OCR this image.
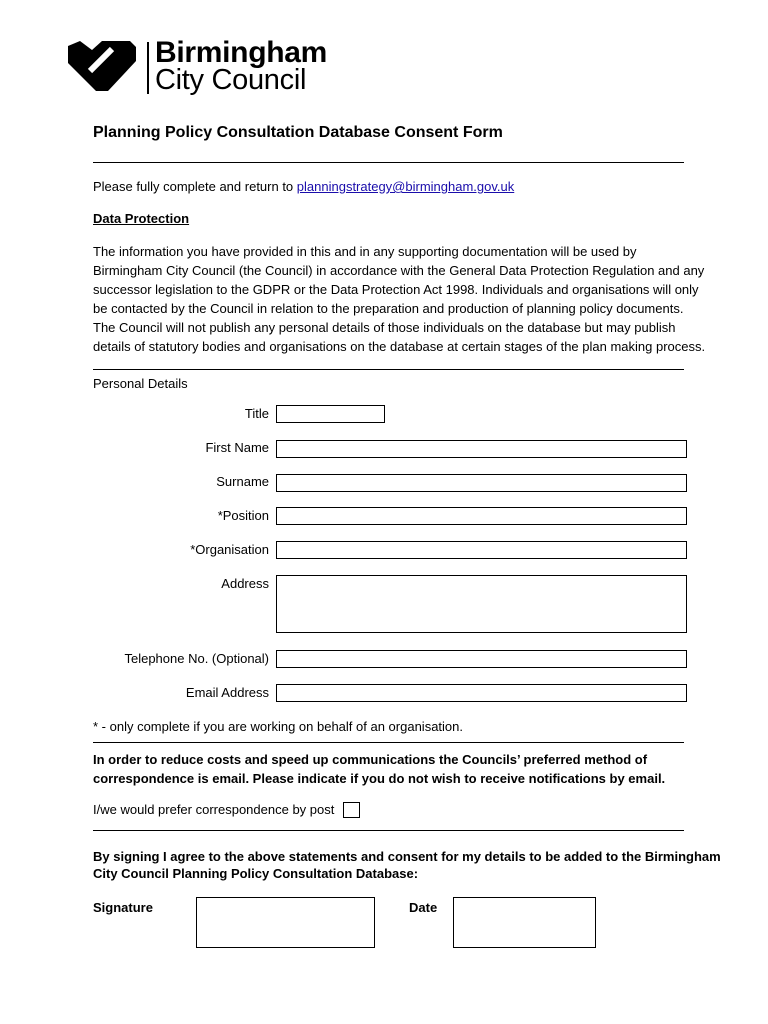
Birmingham
City Council
Planning Policy Consultation Database Consent Form
Please fully complete and return to planningstrategy@birmingham.gov.uk
Data Protection
The information you have provided in this and in any supporting documentation will be used by
Birmingham City Council (the Council) in accordance with the General Data Protection Regulation and any
successor legislation to the GDPR or the Data Protection Act 1998. Individuals and organisations will only
be contacted by the Council in relation to the preparation and production of planning policy documents.
The Council will not publish any personal details of those individuals on the database but may publish
details of statutory bodies and organisations on the database at certain stages of the plan making process.
Personal Details
Title
First Name
Surname
*Position
*Organisation
Address
Telephone No. (Optional)
Email Address
* - only complete if you are working on behalf of an organisation.
In order to reduce costs and speed up communications the Councils’ preferred method of
correspondence is email. Please indicate if you do not wish to receive notifications by email.
I/we would prefer correspondence by post
By signing I agree to the above statements and consent for my details to be added to the Birmingham
City Council Planning Policy Consultation Database:
Signature	Date
